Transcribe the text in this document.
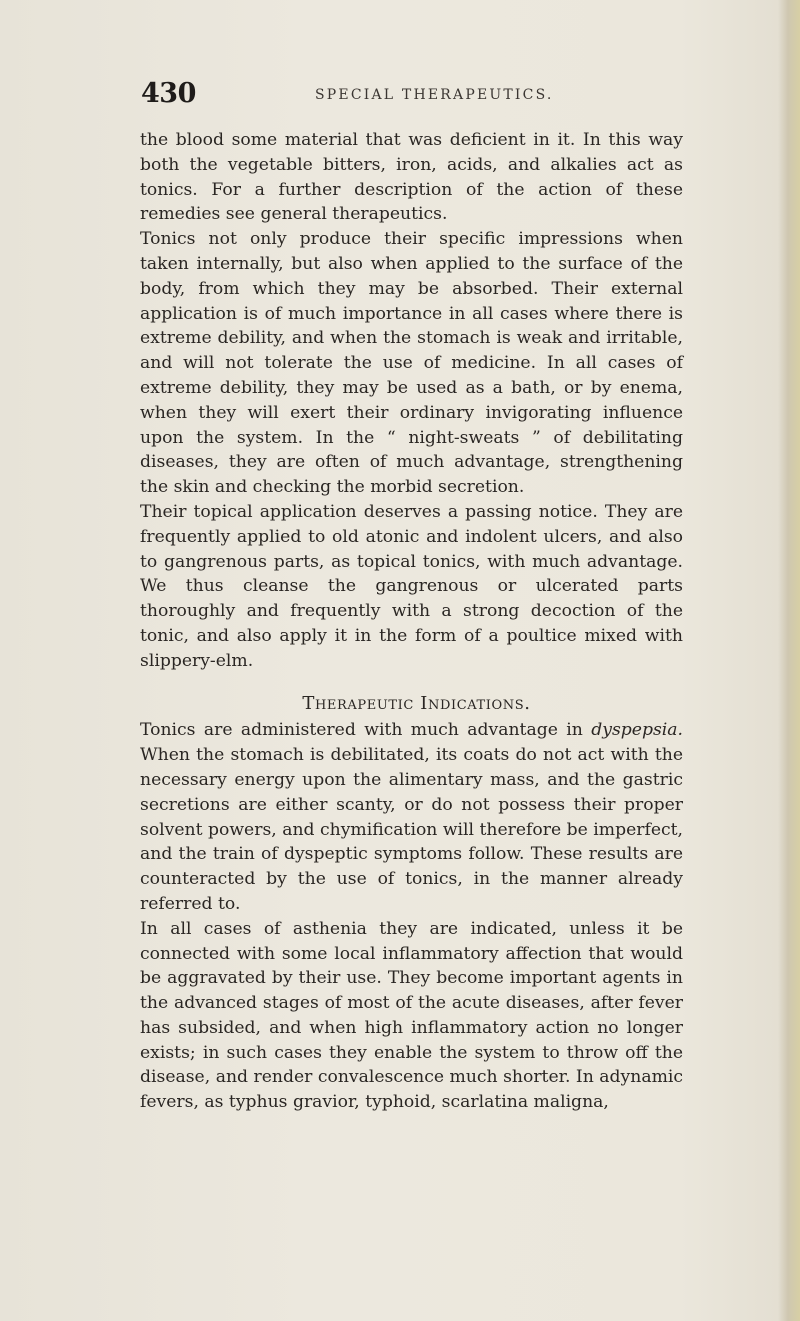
430	SPECIAL THERAPEUTICS.

the blood some material that was deficient in it. In this way both the vegetable bitters, iron, acids, and alkalies act as tonics. For a further description of the action of these remedies see general therapeutics.

Tonics not only produce their specific impressions when taken internally, but also when applied to the surface of the body, from which they may be absorbed. Their external application is of much importance in all cases where there is extreme debility, and when the stomach is weak and irritable, and will not tolerate the use of medicine. In all cases of extreme debility, they may be used as a bath, or by enema, when they will exert their ordinary invigorating influence upon the system. In the “ night-sweats ” of debilitating diseases, they are often of much advantage, strengthening the skin and checking the morbid secretion.

Their topical application deserves a passing notice. They are frequently applied to old atonic and indolent ulcers, and also to gangrenous parts, as topical tonics, with much advantage. We thus cleanse the gangrenous or ulcerated parts thoroughly and frequently with a strong decoction of the tonic, and also apply it in the form of a poultice mixed with slippery-elm.

Therapeutic Indications.

Tonics are administered with much advantage in dyspepsia. When the stomach is debilitated, its coats do not act with the necessary energy upon the alimentary mass, and the gastric secretions are either scanty, or do not possess their proper solvent powers, and chymification will therefore be imperfect, and the train of dyspeptic symptoms follow. These results are counteracted by the use of tonics, in the manner already referred to.

In all cases of asthenia they are indicated, unless it be connected with some local inflammatory affection that would be aggravated by their use. They become important agents in the advanced stages of most of the acute diseases, after fever has subsided, and when high inflammatory action no longer exists; in such cases they enable the system to throw off the disease, and render convalescence much shorter. In adynamic fevers, as typhus gravior, typhoid, scarlatina maligna,
